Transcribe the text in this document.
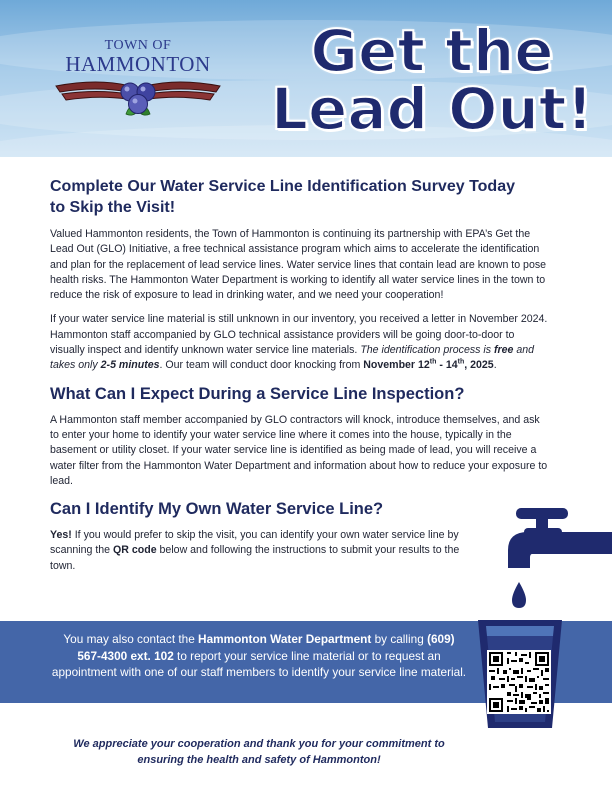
TOWN OF
HAMMONTON	Get the
Lead Out!
Complete Our Water Service Line Identification Survey Today
to Skip the Visit!

Valued Hammonton residents, the Town of Hammonton is continuing its partnership with EPA’s Get the Lead Out (GLO) Initiative, a free technical assistance program which aims to accelerate the identification and plan for the replacement of lead service lines. Water service lines that contain lead are known to pose health risks. The Hammonton Water Department is working to identify all water service lines in the town to reduce the risk of exposure to lead in drinking water, and we need your cooperation!

If your water service line material is still unknown in our inventory, you received a letter in November 2024. Hammonton staff accompanied by GLO technical assistance providers will be going door-to-door to visually inspect and identify unknown water service line materials. The identification process is free and takes only 2-5 minutes. Our team will conduct door knocking from November 12th - 14th, 2025.

What Can I Expect During a Service Line Inspection?

A Hammonton staff member accompanied by GLO contractors will knock, introduce themselves, and ask to enter your home to identify your water service line where it comes into the house, typically in the basement or utility closet. If your water service line is identified as being made of lead, you will receive a water filter from the Hammonton Water Department and information about how to reduce your exposure to lead.

Can I Identify My Own Water Service Line?

Yes! If you would prefer to skip the visit, you can identify your own water service line by scanning the QR code below and following the instructions to submit your results to the town.

You may also contact the Hammonton Water Department by calling (609) 567-4300 ext. 102 to report your service line material or to request an appointment with one of our staff members to identify your service line material.
We appreciate your cooperation and thank you for your commitment to
ensuring the health and safety of Hammonton!
